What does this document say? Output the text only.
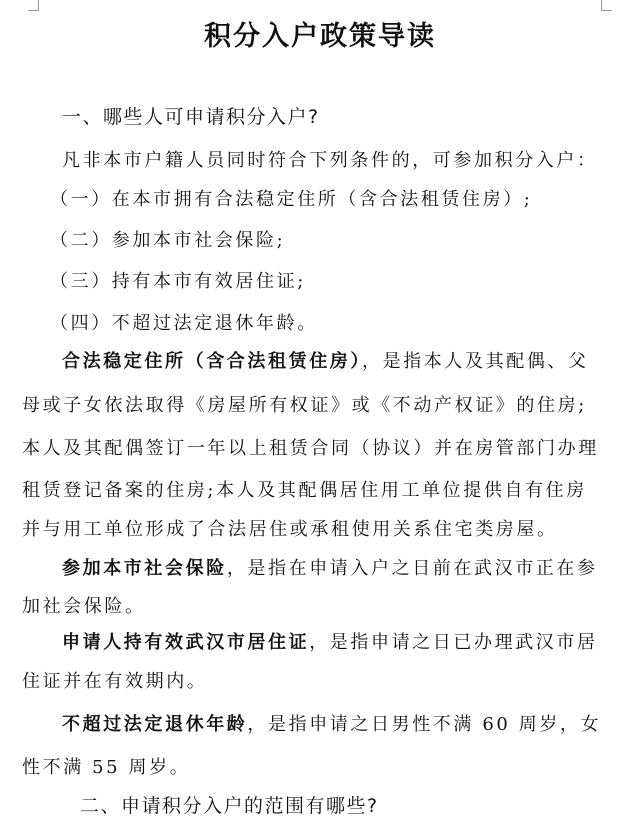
积分入户政策导读
一、哪些人可申请积分入户?
凡非本市户籍人员同时符合下列条件的，可参加积分入户：
（一）在本市拥有合法稳定住所（含合法租赁住房）;
（二）参加本市社会保险;
（三）持有本市有效居住证;
（四）不超过法定退休年龄。
合法稳定住所（含合法租赁住房），是指本人及其配偶、父
母或子女依法取得《房屋所有权证》或《不动产权证》的住房;
本人及其配偶签订一年以上租赁合同（协议）并在房管部门办理
租赁登记备案的住房;本人及其配偶居住用工单位提供自有住房
并与用工单位形成了合法居住或承租使用关系住宅类房屋。
参加本市社会保险，是指在申请入户之日前在武汉市正在参
加社会保险。
申请人持有效武汉市居住证，是指申请之日已办理武汉市居
住证并在有效期内。
不超过法定退休年龄，是指申请之日男性不满 60 周岁，女
性不满 55 周岁。
二、申请积分入户的范围有哪些?
